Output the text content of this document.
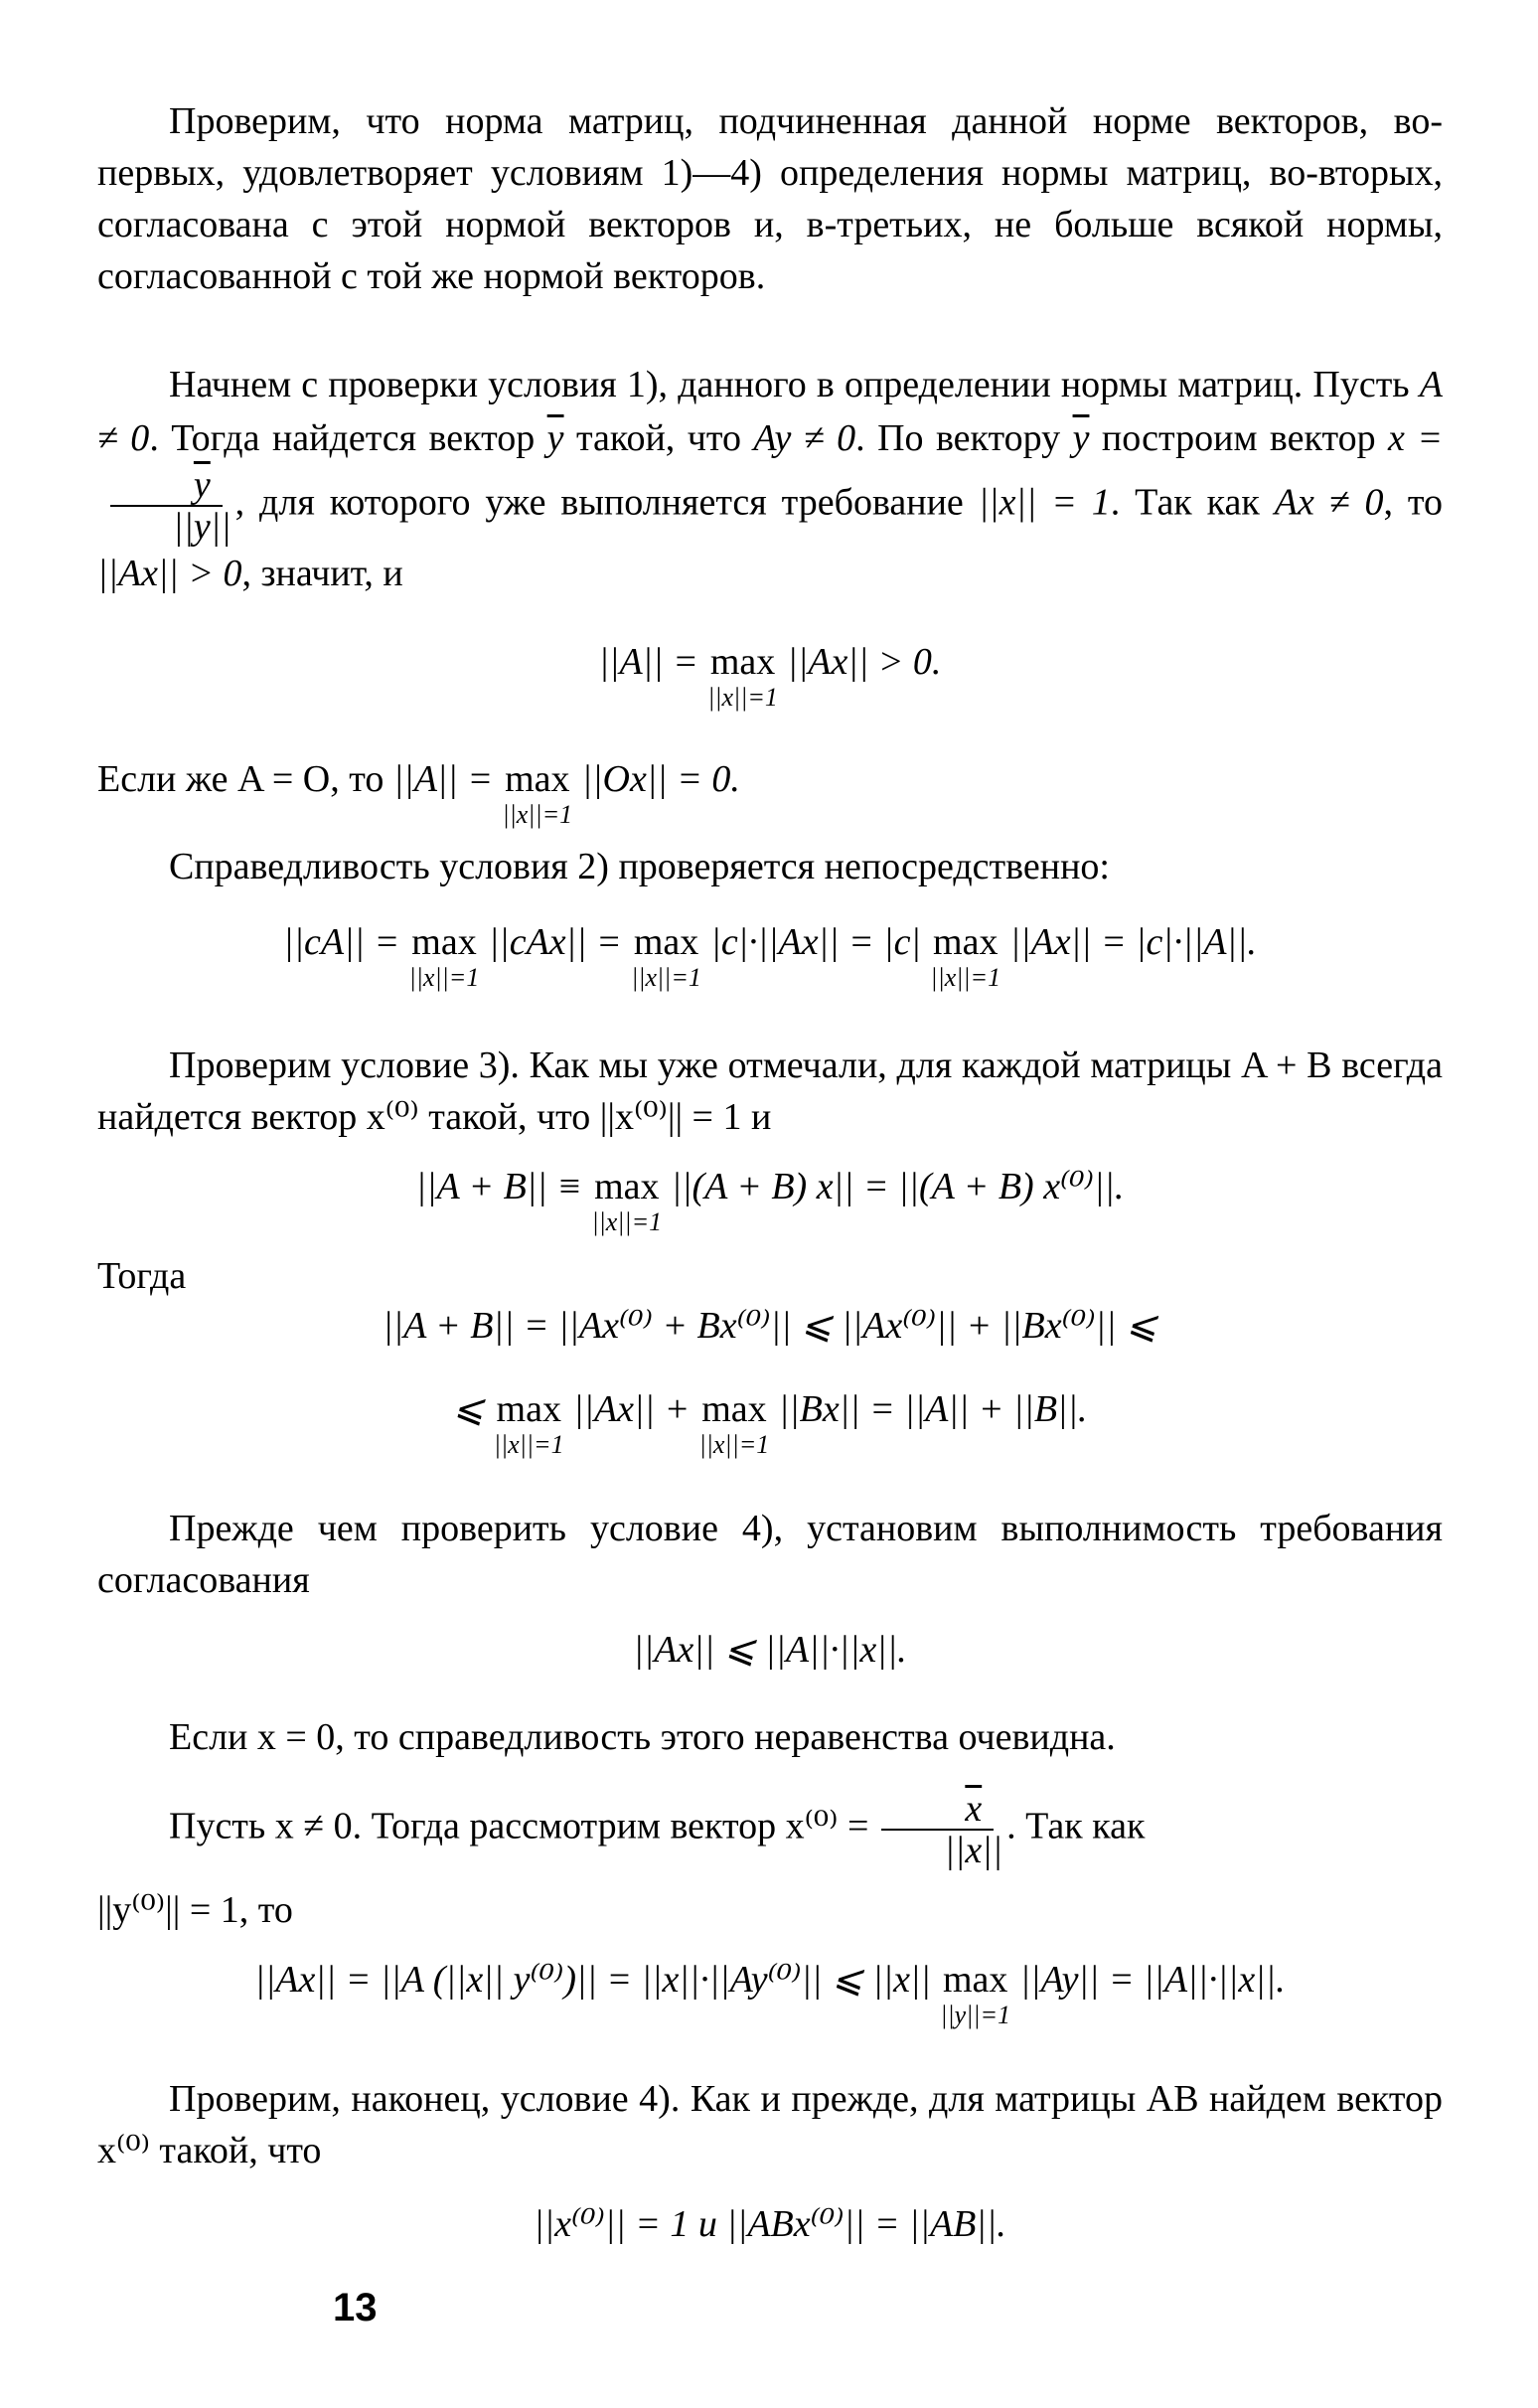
Проверим, что норма матриц, подчиненная данной норме векторов, во-первых, удовлетворяет условиям 1)—4) определения нормы матриц, во-вторых, согласована с этой нормой векторов и, в-третьих, не больше всякой нормы, согласованной с той же нормой векторов.

Начнем с проверки условия 1), данного в определении нормы матриц. Пусть A ≠ 0. Тогда найдется вектор $\overline{y}$ такой, что Ay ≠ 0. По вектору $\overline{y}$ построим вектор x =
$\frac{\overline{y}}{||y||}$ , для которого уже выполняется требование ||x|| = 1. Так как Ax ≠ 0, то ||Ax|| > 0, значит, и

||A|| = max
||x||=1
||Ax|| > 0.
Если же A = O, то ||A|| = max
||x||=1
||Ox|| = 0.

Справедливость условия 2) проверяется непосредственно:

||cA|| = max
||x||=1
||cAx|| = max
||x||=1
|c|·||Ax|| = |c| max
||x||=1
||Ax|| = |c|·||A||.

Проверим условие 3). Как мы уже отмечали, для каждой матрицы A + B всегда найдется вектор x⁽⁰⁾ такой, что ||x⁽⁰⁾|| = 1 и

||A + B|| ≡ max
||x||=1
||(A + B) x|| = ||(A + B) x⁽⁰⁾||.

Тогда

||A + B|| = ||Ax⁽⁰⁾ + Bx⁽⁰⁾|| ⩽ ||Ax⁽⁰⁾|| + ||Bx⁽⁰⁾|| ⩽
⩽ max
||x||=1
||Ax|| + max
||x||=1
||Bx|| = ||A|| + ||B||.

Прежде чем проверить условие 4), установим выполнимость требования согласования

||Ax|| ⩽ ||A||·||x||.

Если x = 0, то справедливость этого неравенства очевидна.

Пусть x ≠ 0. Тогда рассмотрим вектор $x^{(0)} = \frac{\overline{x}}{||x||}$ . Так как

||y⁽⁰⁾|| = 1, то

||Ax|| = ||A (||x|| y⁽⁰⁾)|| = ||x||·||Ay⁽⁰⁾|| ⩽ ||x|| max
||y||=1
||Ay|| = ||A||·||x||.

Проверим, наконец, условие 4). Как и прежде, для матрицы AB найдем вектор x⁽⁰⁾ такой, что

||x⁽⁰⁾|| = 1 и ||ABx⁽⁰⁾|| = ||AB||.
13
